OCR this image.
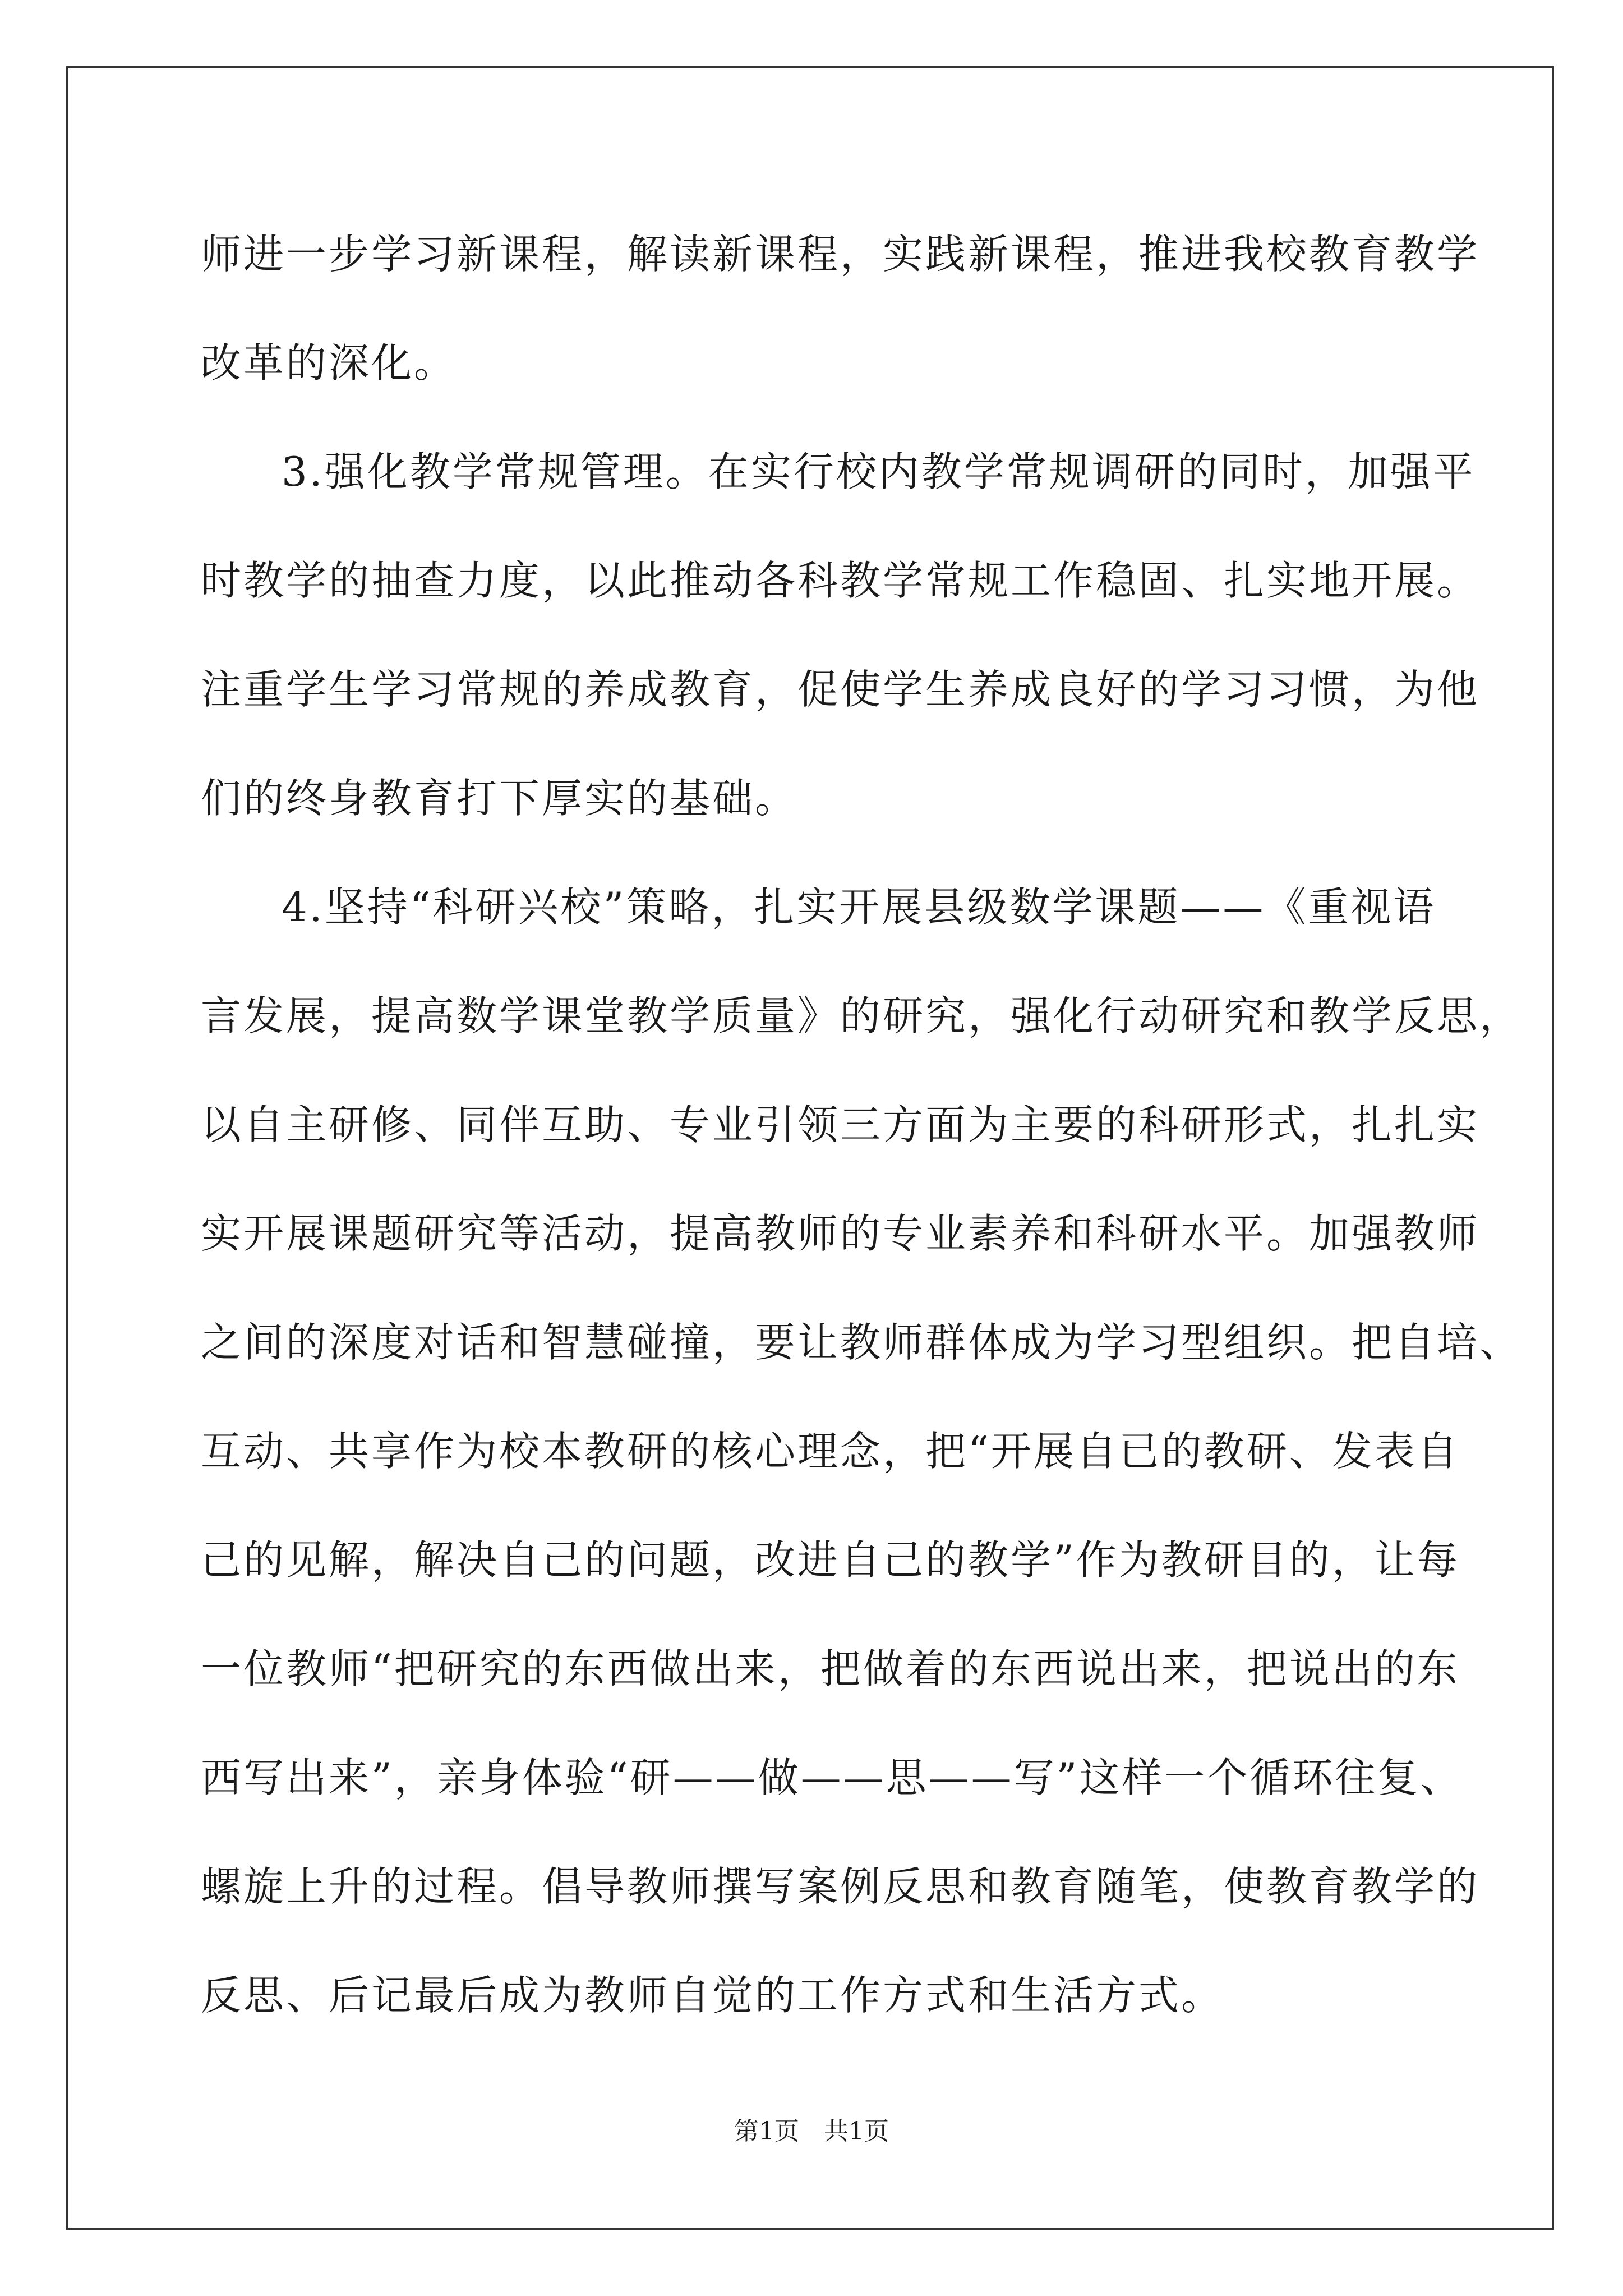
师进一步学习新课程，解读新课程，实践新课程，推进我校教育教学
改革的深化。
3.强化教学常规管理。在实行校内教学常规调研的同时，加强平
时教学的抽查力度，以此推动各科教学常规工作稳固、扎实地开展。
注重学生学习常规的养成教育，促使学生养成良好的学习习惯，为他
们的终身教育打下厚实的基础。
4.坚持“科研兴校”策略，扎实开展县级数学课题——《重视语
言发展，提高数学课堂教学质量》的研究，强化行动研究和教学反思，
以自主研修、同伴互助、专业引领三方面为主要的科研形式，扎扎实
实开展课题研究等活动，提高教师的专业素养和科研水平。加强教师
之间的深度对话和智慧碰撞，要让教师群体成为学习型组织。把自培、
互动、共享作为校本教研的核心理念，把“开展自已的教研、发表自
己的见解，解决自己的问题，改进自己的教学”作为教研目的，让每
一位教师“把研究的东西做出来，把做着的东西说出来，把说出的东
西写出来”，亲身体验“研——做——思——写”这样一个循环往复、
螺旋上升的过程。倡导教师撰写案例反思和教育随笔，使教育教学的
反思、后记最后成为教师自觉的工作方式和生活方式。
第1页　共1页
